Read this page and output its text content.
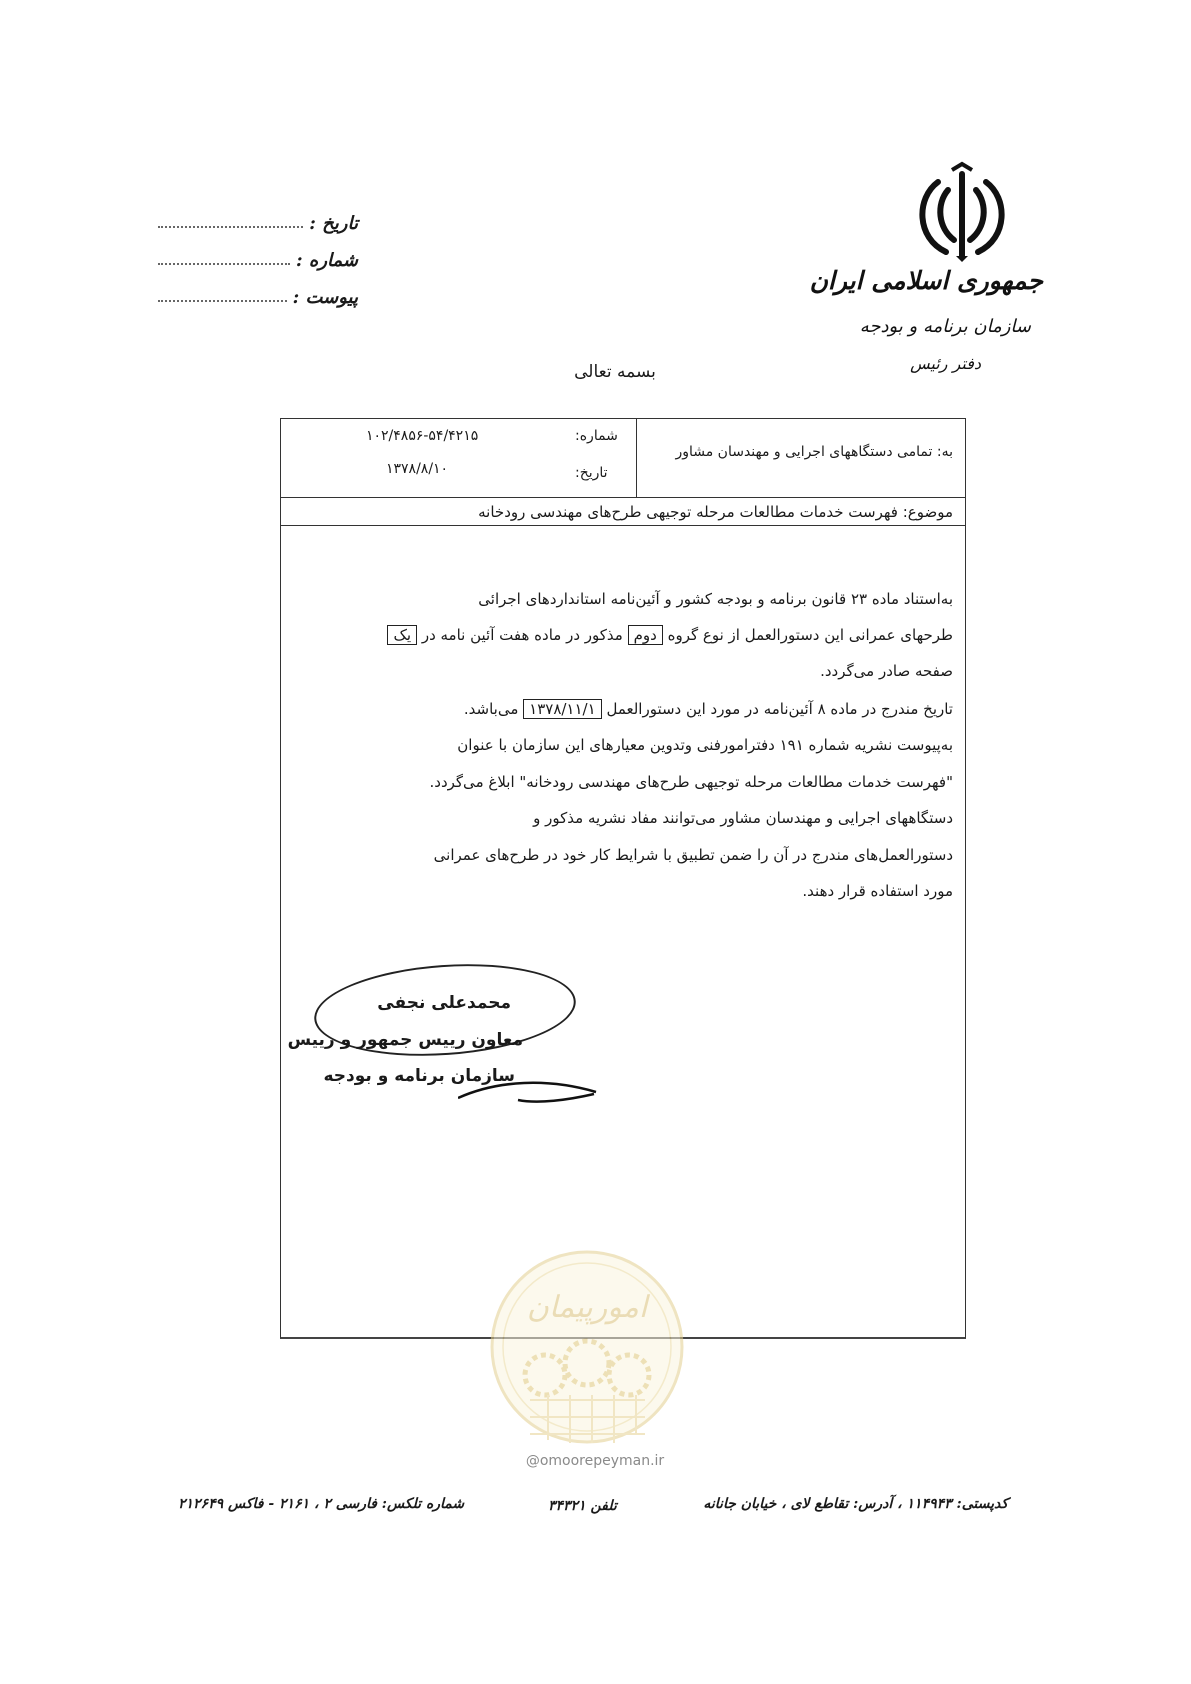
جمهوری اسلامی ایران
سازمان برنامه و بودجه
دفتر رئیس
تاریخ :
شماره :
پیوست :
بسمه تعالی
به: تمامی دستگاههای اجرایی و مهندسان مشاور
شماره:
۱۰۲/۴۸۵۶-۵۴/۴۲۱۵
تاریخ:
۱۳۷۸/۸/۱۰
موضوع: فهرست خدمات مطالعات مرحله توجیهی طرح‌های مهندسی رودخانه
به‌استناد ماده ۲۳ قانون برنامه و بودجه کشور و آئین‌نامه استانداردهای اجرائی
طرحهای عمرانی این دستورالعمل از نوع گروه دوم مذکور در ماده هفت آئین نامه در یک
صفحه صادر می‌گردد.
تاریخ مندرج در ماده ۸ آئین‌نامه در مورد این دستورالعمل ۱۳۷۸/۱۱/۱ می‌باشد.
به‌پیوست نشریه شماره ۱۹۱ دفترامورفنی وتدوین معیارهای این سازمان با عنوان
"فهرست خدمات مطالعات مرحله توجیهی طرح‌های مهندسی رودخانه" ابلاغ می‌گردد.
دستگاههای اجرایی و مهندسان مشاور می‌توانند مفاد نشریه مذکور و
دستورالعمل‌های مندرج در آن را ضمن تطبیق با شرایط کار خود در طرح‌های عمرانی
مورد استفاده قرار دهند.
محمدعلی نجفی
معاون رییس جمهور و رییس
سازمان برنامه و بودجه
امورپیمان
@omoorepeyman.ir
کدپستی: ۱۱۴۹۴۳ ، آدرس: تقاطع لای ، خیابان جانانه
تلفن ۳۴۳۲۱
شماره تلکس: فارسی ۲ ، ۲۱۶۱ - فاکس ۲۱۲۶۴۹
